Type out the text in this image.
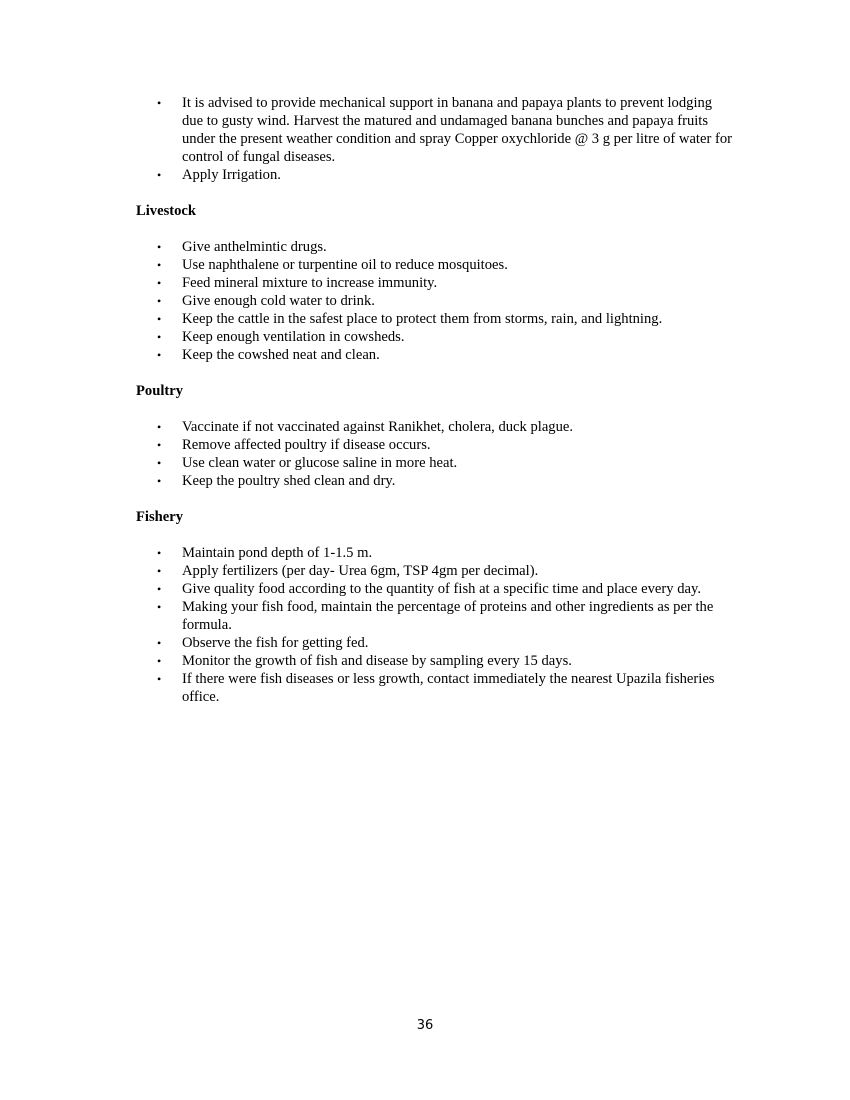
• It is advised to provide mechanical support in banana and papaya plants to prevent lodging due to gusty wind. Harvest the matured and undamaged banana bunches and papaya fruits under the present weather condition and spray Copper oxychloride @ 3 g per litre of water for control of fungal diseases.
• Apply Irrigation.
Livestock
• Give anthelmintic drugs.
• Use naphthalene or turpentine oil to reduce mosquitoes.
• Feed mineral mixture to increase immunity.
• Give enough cold water to drink.
• Keep the cattle in the safest place to protect them from storms, rain, and lightning.
• Keep enough ventilation in cowsheds.
• Keep the cowshed neat and clean.
Poultry
• Vaccinate if not vaccinated against Ranikhet, cholera, duck plague.
• Remove affected poultry if disease occurs.
• Use clean water or glucose saline in more heat.
• Keep the poultry shed clean and dry.
Fishery
• Maintain pond depth of 1-1.5 m.
• Apply fertilizers (per day- Urea 6gm, TSP 4gm per decimal).
• Give quality food according to the quantity of fish at a specific time and place every day.
• Making your fish food, maintain the percentage of proteins and other ingredients as per the formula.
• Observe the fish for getting fed.
• Monitor the growth of fish and disease by sampling every 15 days.
• If there were fish diseases or less growth, contact immediately the nearest Upazila fisheries office.
36
